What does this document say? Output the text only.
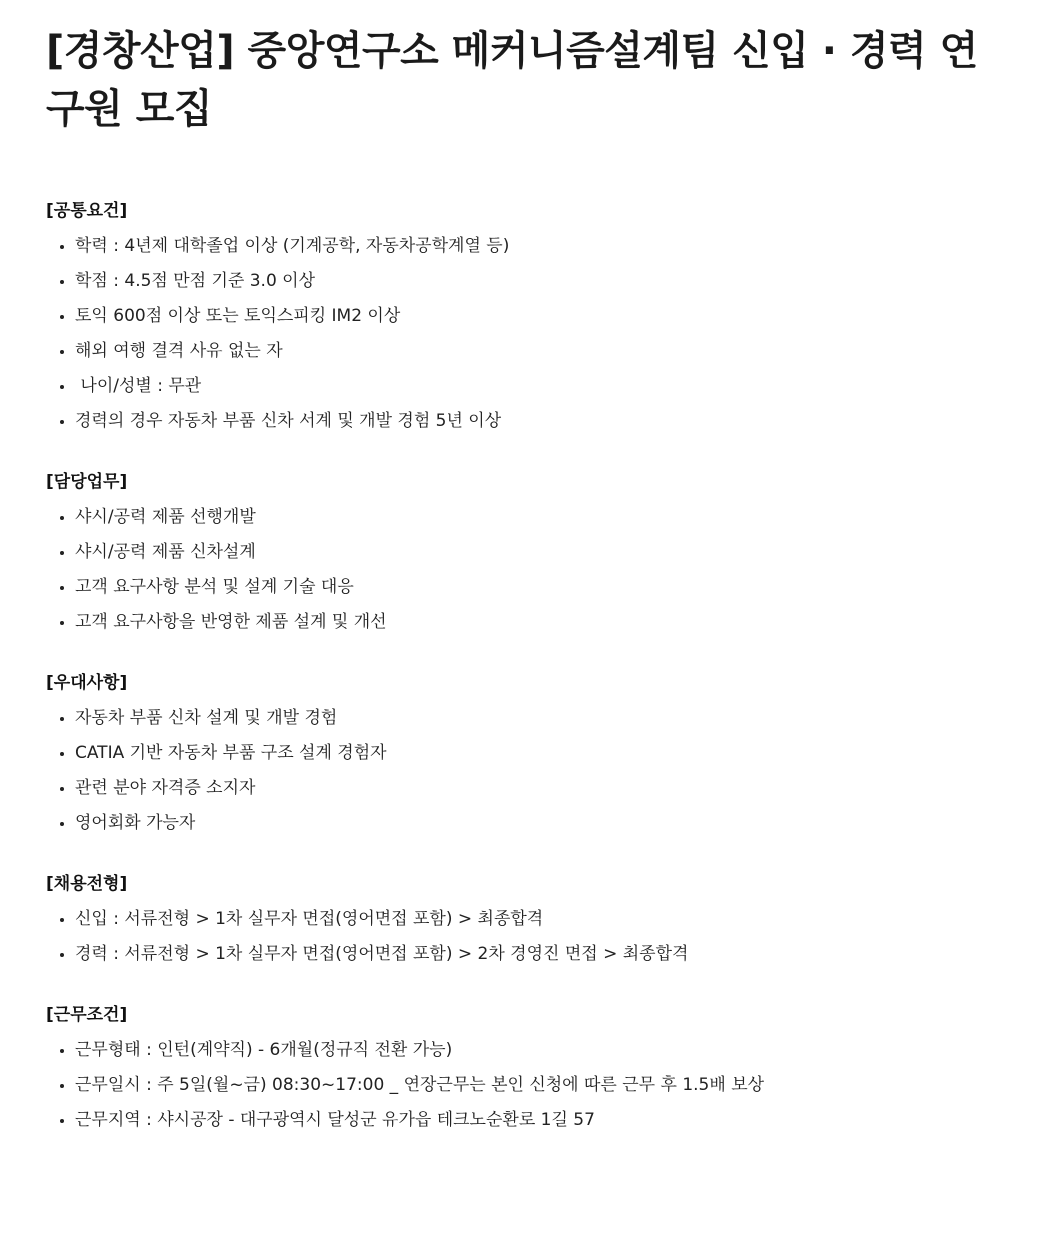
[경창산업] 중앙연구소 메커니즘설계팀 신입 · 경력 연구원 모집
[공통요건]
학력 : 4년제 대학졸업 이상 (기계공학, 자동차공학계열 등)
학점 : 4.5점 만점 기준 3.0 이상
토익 600점 이상 또는 토익스피킹 IM2 이상
해외 여행 결격 사유 없는 자
나이/성별 : 무관
경력의 경우 자동차 부품 신차 서계 및 개발 경험 5년 이상
[담당업무]
샤시/공력 제품 선행개발
샤시/공력 제품 신차설계
고객 요구사항 분석 및 설계 기술 대응
고객 요구사항을 반영한 제품 설계 및 개선
[우대사항]
자동차 부품 신차 설계 및 개발 경험
CATIA 기반 자동차 부품 구조 설계 경험자
관련 분야 자격증 소지자
영어회화 가능자
[채용전형]
신입 : 서류전형 > 1차 실무자 면접(영어면접 포함) > 최종합격
경력 : 서류전형 > 1차 실무자 면접(영어면접 포함) > 2차 경영진 면접 > 최종합격
[근무조건]
근무형태 : 인턴(계약직) - 6개월(정규직 전환 가능)
근무일시 : 주 5일(월~금) 08:30~17:00 _ 연장근무는 본인 신청에 따른 근무 후 1.5배 보상
근무지역 : 샤시공장 - 대구광역시 달성군 유가읍 테크노순환로 1길 57
